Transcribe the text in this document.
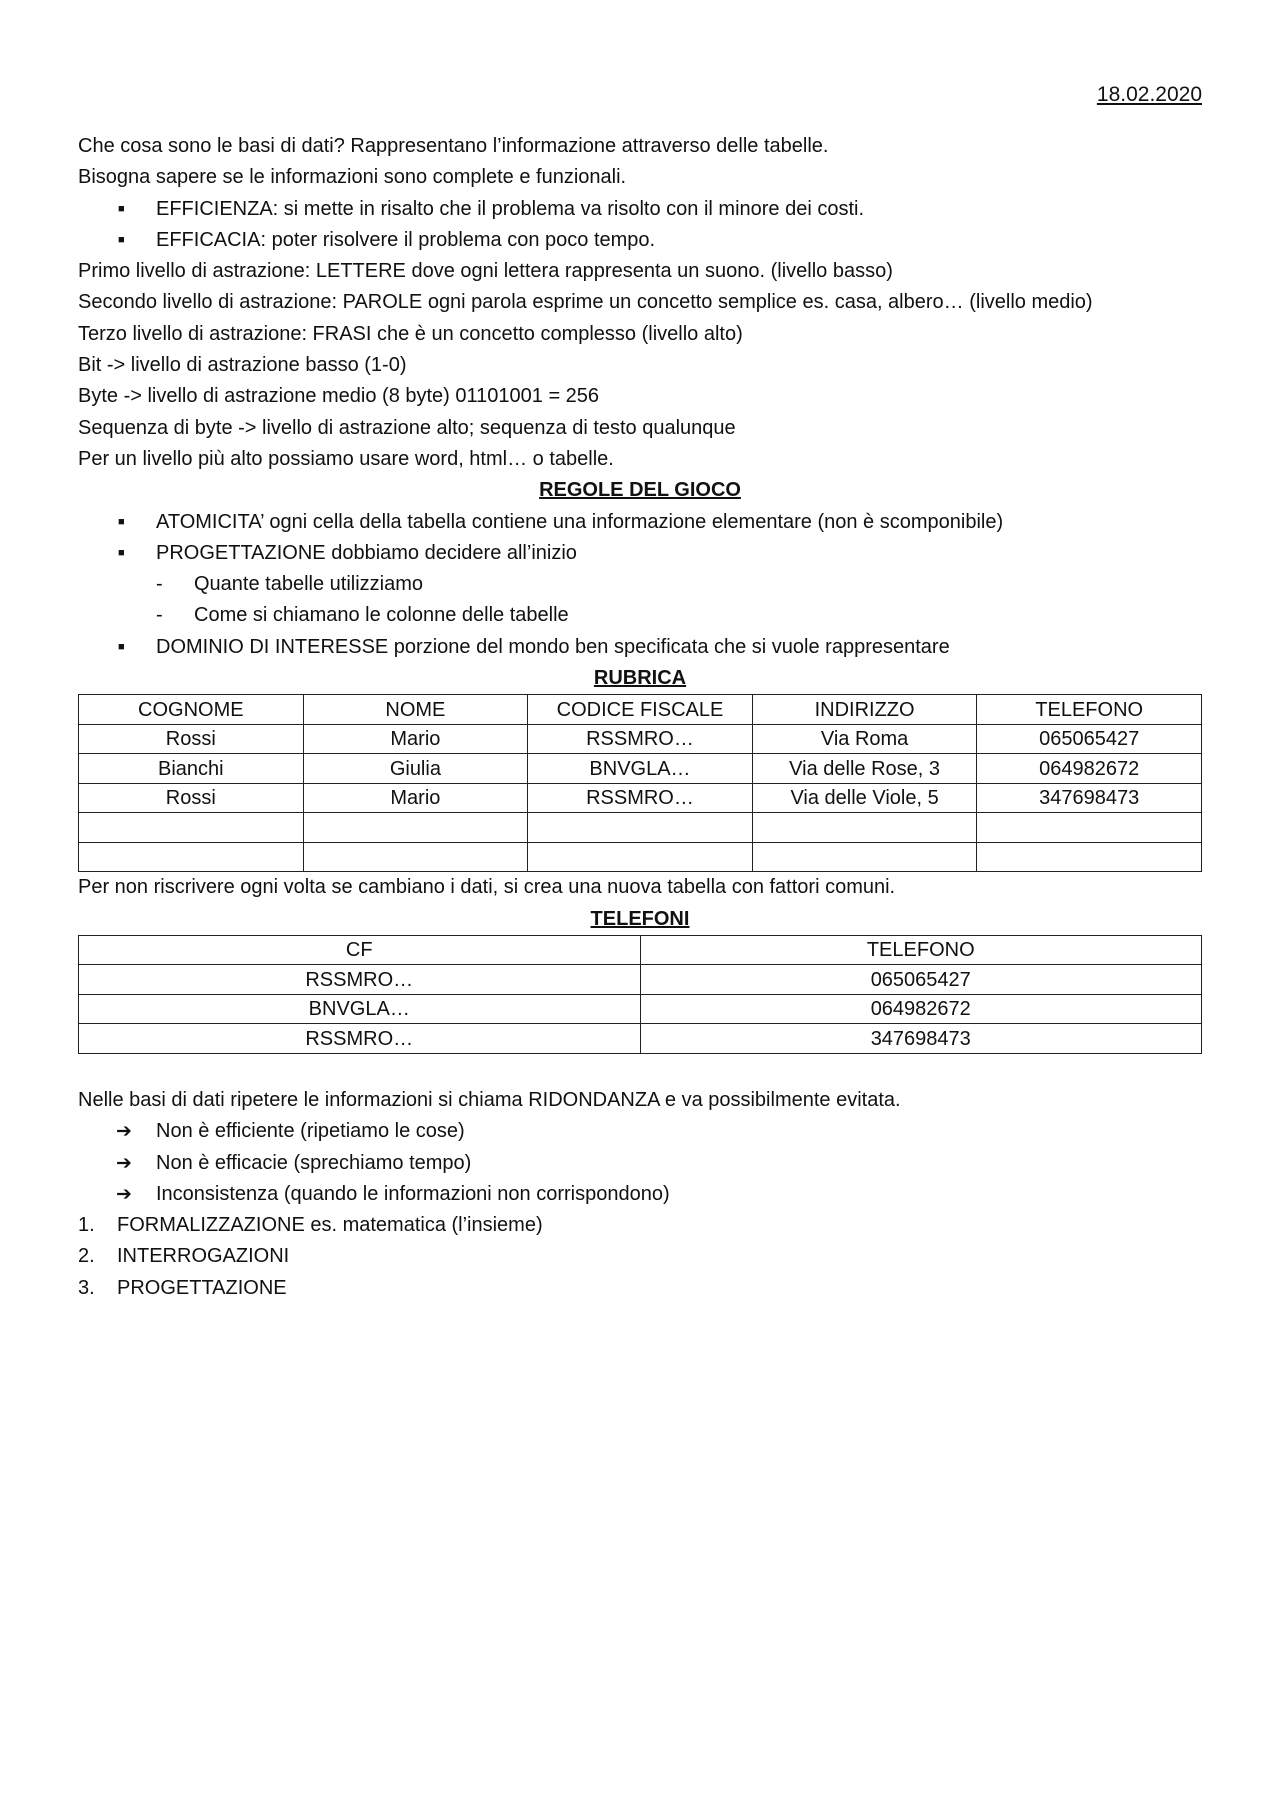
18.02.2020
Che cosa sono le basi di dati? Rappresentano l’informazione attraverso delle tabelle.
Bisogna sapere se le informazioni sono complete e funzionali.
■ EFFICIENZA: si mette in risalto che il problema va risolto con il minore dei costi.
■ EFFICACIA: poter risolvere il problema con poco tempo.
Primo livello di astrazione: LETTERE dove ogni lettera rappresenta un suono. (livello basso)
Secondo livello di astrazione: PAROLE ogni parola esprime un concetto semplice es. casa, albero… (livello medio)
Terzo livello di astrazione: FRASI che è un concetto complesso (livello alto)
Bit -> livello di astrazione basso (1-0)
Byte -> livello di astrazione medio (8 byte) 01101001 = 256
Sequenza di byte -> livello di astrazione alto; sequenza di testo qualunque
Per un livello più alto possiamo usare word, html… o tabelle.
REGOLE DEL GIOCO
■ ATOMICITA’ ogni cella della tabella contiene una informazione elementare (non è scomponibile)
■ PROGETTAZIONE dobbiamo decidere all’inizio
- Quante tabelle utilizziamo
- Come si chiamano le colonne delle tabelle
■ DOMINIO DI INTERESSE porzione del mondo ben specificata che si vuole rappresentare
RUBRICA
COGNOME	NOME	CODICE FISCALE	INDIRIZZO	TELEFONO
Rossi	Mario	RSSMRO…	Via Roma	065065427
Bianchi	Giulia	BNVGLA…	Via delle Rose, 3	064982672
Rossi	Mario	RSSMRO…	Via delle Viole, 5	347698473

Per non riscrivere ogni volta se cambiano i dati, si crea una nuova tabella con fattori comuni.
TELEFONI
CF	TELEFONO
RSSMRO…	065065427
BNVGLA…	064982672
RSSMRO…	347698473
Nelle basi di dati ripetere le informazioni si chiama RIDONDANZA e va possibilmente evitata.
➔ Non è efficiente (ripetiamo le cose)
➔ Non è efficacie (sprechiamo tempo)
➔ Inconsistenza (quando le informazioni non corrispondono)
1. FORMALIZZAZIONE es. matematica (l’insieme)
2. INTERROGAZIONI
3. PROGETTAZIONE
